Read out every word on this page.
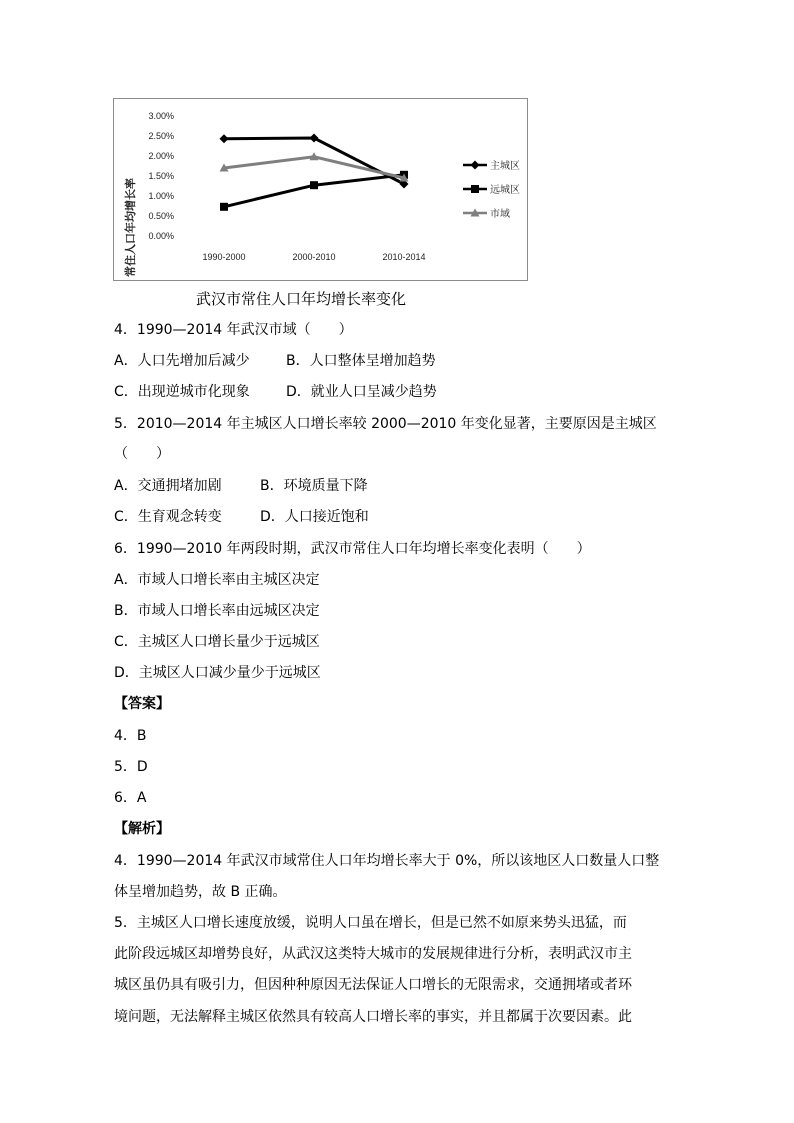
常住人口年均增长率
3.00%
2.50%
2.00%
1.50%
1.00%
0.50%
0.00%
1990-2000	2000-2010	2010-2014
主城区
远城区
市域
武汉市常住人口年均增长率变化
4．1990—2014 年武汉市域（　　）
A．人口先增加后减少	B．人口整体呈增加趋势
C．出现逆城市化现象	D．就业人口呈减少趋势
5．2010—2014 年主城区人口增长率较 2000—2010 年变化显著，主要原因是主城区
（　　）
A．交通拥堵加剧	B．环境质量下降
C．生育观念转变	D．人口接近饱和
6．1990—2010 年两段时期，武汉市常住人口年均增长率变化表明（　　）
A．市域人口增长率由主城区决定
B．市域人口增长率由远城区决定
C．主城区人口增长量少于远城区
D．主城区人口减少量少于远城区
【答案】
4．B
5．D
6．A
【解析】
4．1990—2014 年武汉市域常住人口年均增长率大于 0%，所以该地区人口数量人口整
体呈增加趋势，故 B 正确。
5．主城区人口增长速度放缓，说明人口虽在增长，但是已然不如原来势头迅猛，而
此阶段远城区却增势良好，从武汉这类特大城市的发展规律进行分析，表明武汉市主
城区虽仍具有吸引力，但因种种原因无法保证人口增长的无限需求，交通拥堵或者环
境问题，无法解释主城区依然具有较高人口增长率的事实，并且都属于次要因素。此
